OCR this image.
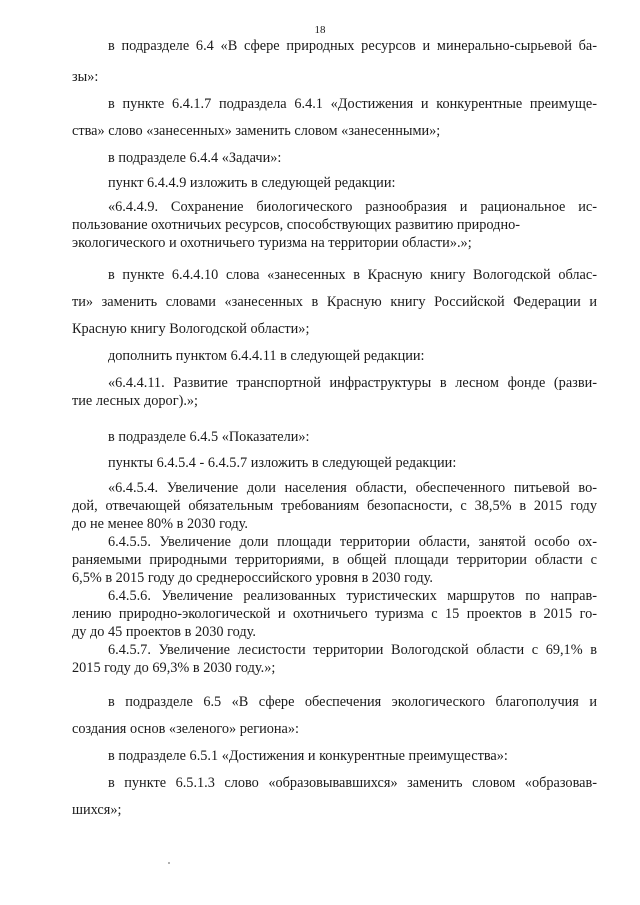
18
в подразделе 6.4 «В сфере природных ресурсов и минерально-сырьевой ба-
зы»:
в пункте 6.4.1.7 подраздела 6.4.1 «Достижения и конкурентные преимуще-
ства» слово «занесенных» заменить словом «занесенными»;
в подразделе 6.4.4 «Задачи»:
пункт 6.4.4.9 изложить в следующей редакции:
«6.4.4.9. Сохранение биологического разнообразия и рациональное ис-
пользование охотничьих ресурсов, способствующих развитию природно-
экологического и охотничьего туризма на территории области».»;
в пункте 6.4.4.10 слова «занесенных в Красную книгу Вологодской облас-
ти» заменить словами «занесенных в Красную книгу Российской Федерации и
Красную книгу Вологодской области»;
дополнить пунктом 6.4.4.11 в следующей редакции:
«6.4.4.11. Развитие транспортной инфраструктуры в лесном фонде (разви-
тие лесных дорог).»;
в подразделе 6.4.5 «Показатели»:
пункты 6.4.5.4 - 6.4.5.7 изложить в следующей редакции:
«6.4.5.4. Увеличение доли населения области, обеспеченного питьевой во-
дой, отвечающей обязательным требованиям безопасности, с 38,5% в 2015 году
до не менее 80% в 2030 году.
6.4.5.5. Увеличение доли площади территории области, занятой особо ох-
раняемыми природными территориями, в общей площади территории области с
6,5% в 2015 году до среднероссийского уровня в 2030 году.
6.4.5.6. Увеличение реализованных туристических маршрутов по направ-
лению природно-экологической и охотничьего туризма с 15 проектов в 2015 го-
ду до 45 проектов в 2030 году.
6.4.5.7. Увеличение лесистости территории Вологодской области с 69,1% в
2015 году до 69,3% в 2030 году.»;
в подразделе 6.5 «В сфере обеспечения экологического благополучия и
создания основ «зеленого» региона»:
в подразделе 6.5.1 «Достижения и конкурентные преимущества»:
в пункте 6.5.1.3 слово «образовывавшихся» заменить словом «образовав-
шихся»;
